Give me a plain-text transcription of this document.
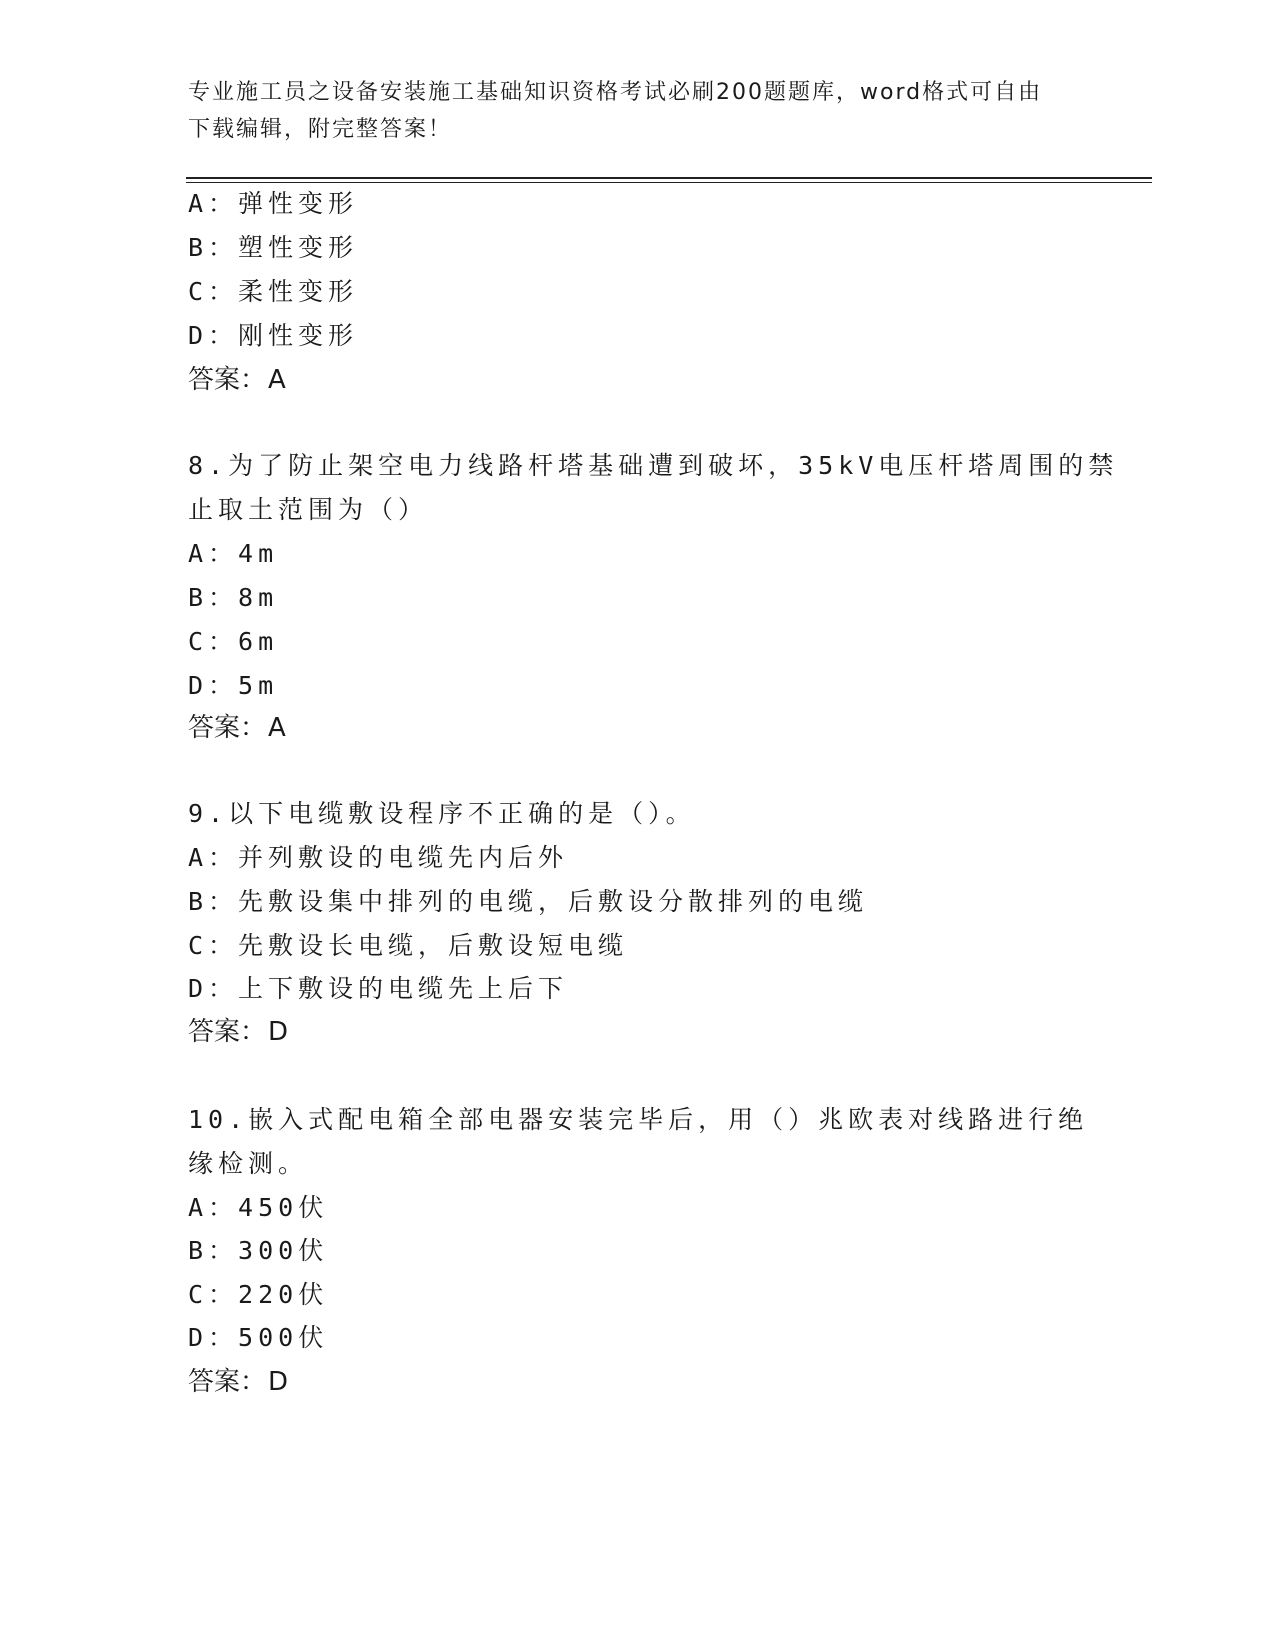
专业施工员之设备安装施工基础知识资格考试必刷200题题库，word格式可自由
下载编辑，附完整答案！
A：弹性变形
B：塑性变形
C：柔性变形
D：刚性变形
答案：A
8.为了防止架空电力线路杆塔基础遭到破坏，35kV电压杆塔周围的禁
止取土范围为（）
A：4m
B：8m
C：6m
D：5m
答案：A
9.以下电缆敷设程序不正确的是（）。
A：并列敷设的电缆先内后外
B：先敷设集中排列的电缆，后敷设分散排列的电缆
C：先敷设长电缆，后敷设短电缆
D：上下敷设的电缆先上后下
答案：D
10.嵌入式配电箱全部电器安装完毕后，用（）兆欧表对线路进行绝
缘检测。
A：450伏
B：300伏
C：220伏
D：500伏
答案：D
